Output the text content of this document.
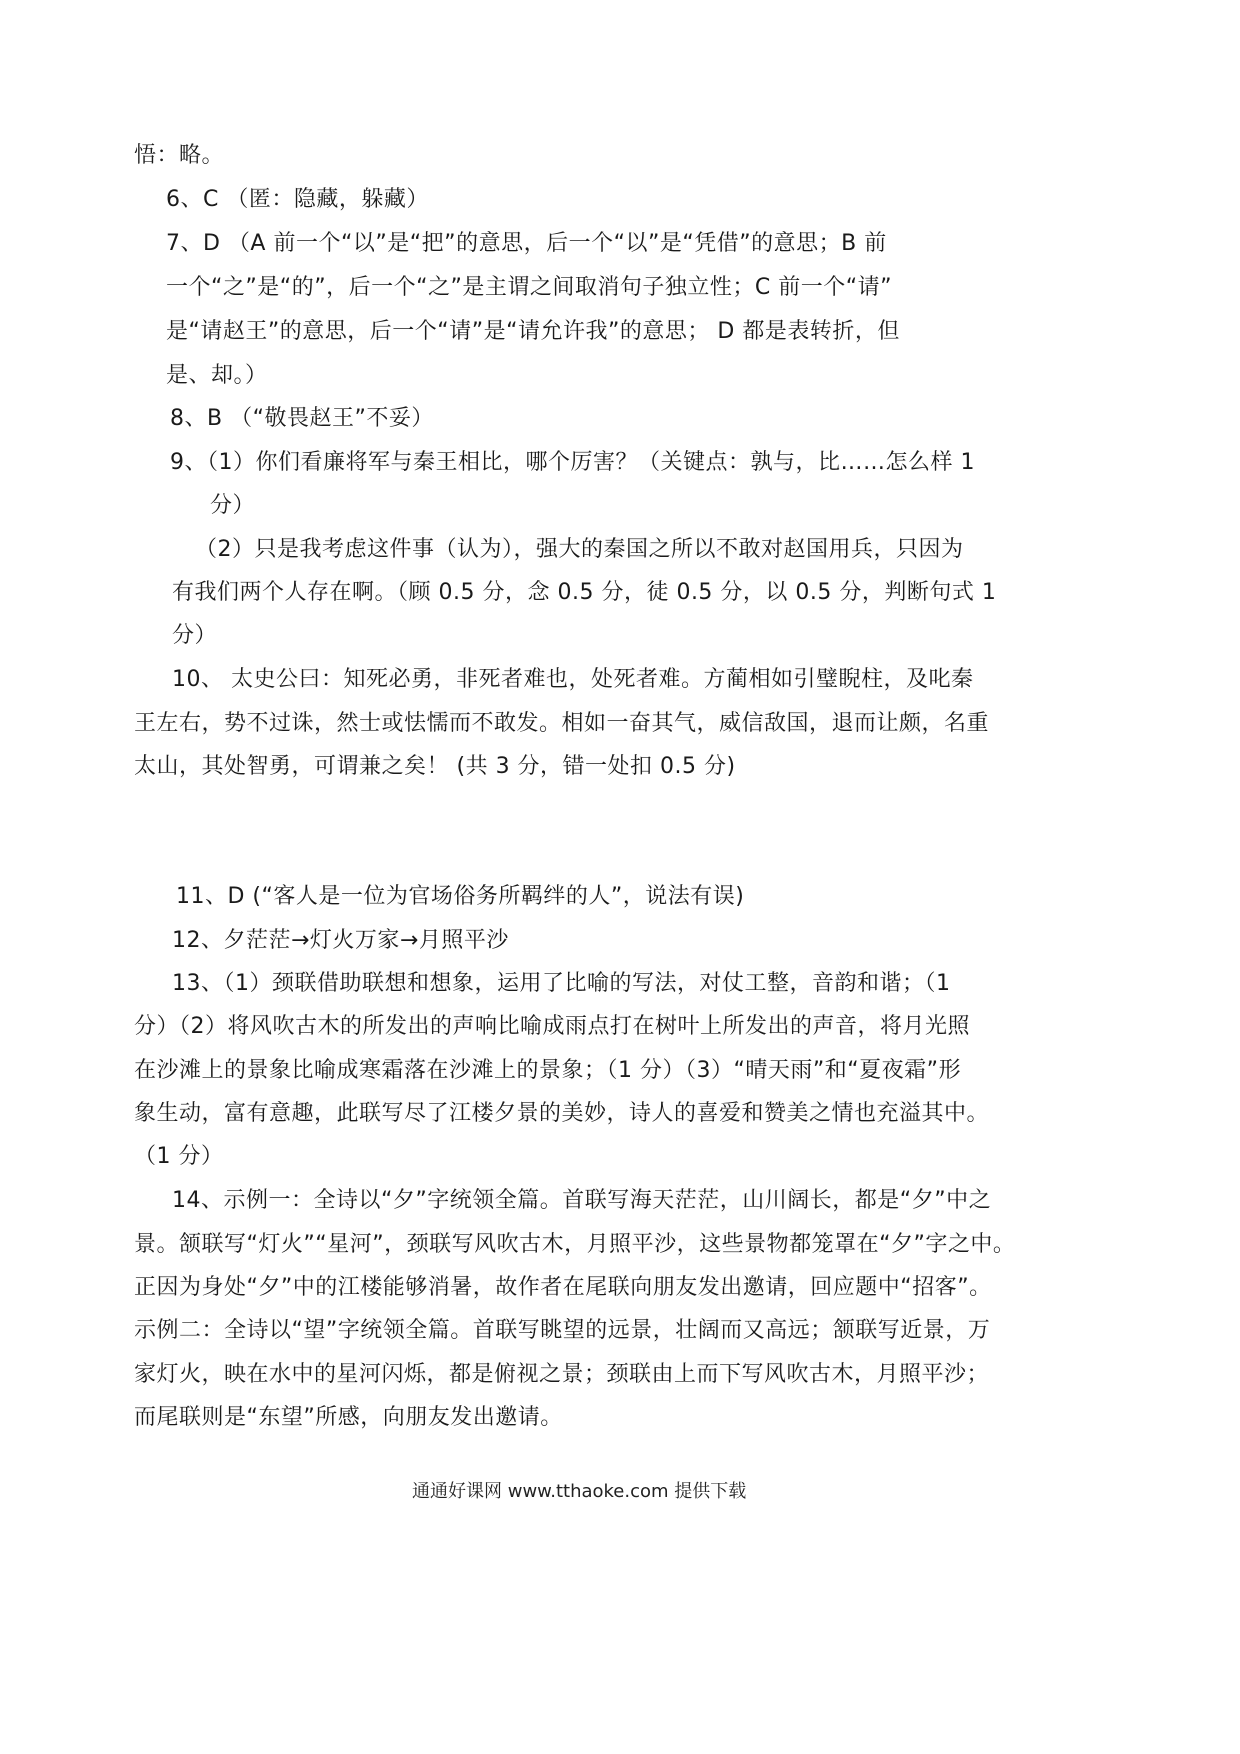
悟：略。
6、C （匿：隐藏，躲藏）
7、D （A 前一个“以”是“把”的意思，后一个“以”是“凭借”的意思；B 前
一个“之”是“的”，后一个“之”是主谓之间取消句子独立性；C 前一个“请”
是“请赵王”的意思，后一个“请”是“请允许我”的意思； D 都是表转折，但
是、却。）
8、B （“敬畏赵王”不妥）
9、（1）你们看廉将军与秦王相比，哪个厉害？（关键点：孰与，比……怎么样 1
分）
（2）只是我考虑这件事（认为），强大的秦国之所以不敢对赵国用兵，只因为
有我们两个人存在啊。（顾 0.5 分，念 0.5 分，徒 0.5 分，以 0.5 分，判断句式 1
分）
10、 太史公曰：知死必勇，非死者难也，处死者难。方蔺相如引璧睨柱，及叱秦
王左右，势不过诛，然士或怯懦而不敢发。相如一奋其气，威信敌国，退而让颇，名重
太山，其处智勇，可谓兼之矣！ (共 3 分，错一处扣 0.5 分)
11、D (“客人是一位为官场俗务所羁绊的人”，说法有误)
12、夕茫茫→灯火万家→月照平沙
13、（1）颈联借助联想和想象，运用了比喻的写法，对仗工整，音韵和谐；（1
分）（2）将风吹古木的所发出的声响比喻成雨点打在树叶上所发出的声音，将月光照
在沙滩上的景象比喻成寒霜落在沙滩上的景象；（1 分）（3）“晴天雨”和“夏夜霜”形
象生动，富有意趣，此联写尽了江楼夕景的美妙，诗人的喜爱和赞美之情也充溢其中。
（1 分）
14、示例一：全诗以“夕”字统领全篇。首联写海天茫茫，山川阔长，都是“夕”中之
景。颔联写“灯火”“星河”，颈联写风吹古木，月照平沙，这些景物都笼罩在“夕”字之中。
正因为身处“夕”中的江楼能够消暑，故作者在尾联向朋友发出邀请，回应题中“招客”。
示例二：全诗以“望”字统领全篇。首联写眺望的远景，壮阔而又高远；颔联写近景，万
家灯火，映在水中的星河闪烁，都是俯视之景；颈联由上而下写风吹古木，月照平沙；
而尾联则是“东望”所感，向朋友发出邀请。
通通好课网 www.tthaoke.com 提供下载
